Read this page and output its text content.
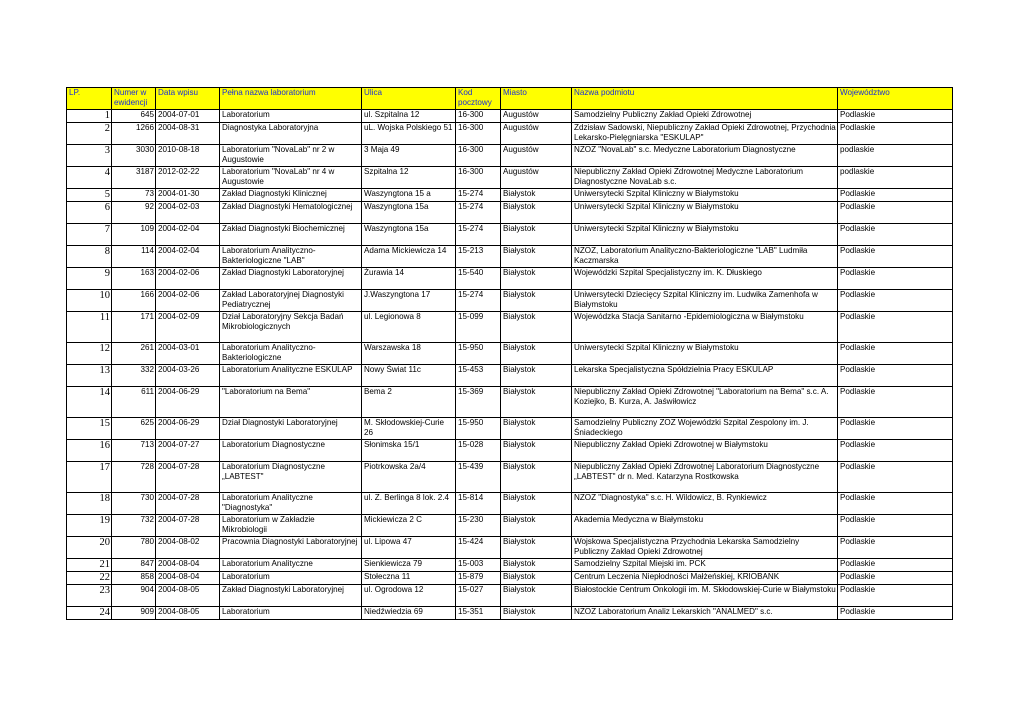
LP.	Numer w ewidencji	Data wpisu	Pełna nazwa laboratorium	Ulica	Kod pocztowy	Miasto	Nazwa podmiotu	Województwo
1	645	2004-07-01	Laboratorium	ul. Szpitalna 12	16-300	Augustów	Samodzielny Publiczny Zakład Opieki Zdrowotnej	Podlaskie
2	1266	2004-08-31	Diagnostyka Laboratoryjna	uL. Wojska Polskiego 51	16-300	Augustów	Zdzisław Sadowski, Niepubliczny Zakład Opieki Zdrowotnej, Przychodnia Lekarsko-Pielęgniarska "ESKULAP"	Podlaskie
3	3030	2010-08-18	Laboratorium "NovaLab" nr 2 w Augustowie	3 Maja 49	16-300	Augustów	NZOZ "NovaLab" s.c. Medyczne Laboratorium Diagnostyczne	podlaskie
4	3187	2012-02-22	Laboratorium "NovaLab" nr 4 w Augustowie	Szpitalna 12	16-300	Augustów	Niepubliczny Zakład Opieki Zdrowotnej Medyczne Laboratorium Diagnostyczne NovaLab s.c.	podlaskie
5	73	2004-01-30	Zakład Diagnostyki Klinicznej	Waszyngtona 15 a	15-274	Białystok	Uniwersytecki Szpital Kliniczny w Białymstoku	Podlaskie
6	92	2004-02-03	Zakład Diagnostyki Hematologicznej	Waszyngtona 15a	15-274	Białystok	Uniwersytecki Szpital Kliniczny w Białymstoku	Podlaskie
7	109	2004-02-04	Zakład Diagnostyki Biochemicznej	Waszyngtona 15a	15-274	Białystok	Uniwersytecki Szpital Kliniczny w Białymstoku	Podlaskie
8	114	2004-02-04	Laboratorium Analityczno-Bakteriologiczne "LAB"	Adama Mickiewicza 14	15-213	Białystok	NZOZ, Laboratorium Analityczno-Bakteriologiczne "LAB" Ludmiła Kaczmarska	Podlaskie
9	163	2004-02-06	Zakład Diagnostyki Laboratoryjnej	Żurawia 14	15-540	Białystok	Wojewódzki Szpital Specjalistyczny im. K. Dłuskiego	Podlaskie
10	166	2004-02-06	Zakład Laboratoryjnej Diagnostyki Pediatrycznej	J.Waszyngtona 17	15-274	Białystok	Uniwersytecki Dziecięcy Szpital Kliniczny im. Ludwika Zamenhofa w Białymstoku	Podlaskie
11	171	2004-02-09	Dział Laboratoryjny Sekcja Badań Mikrobiologicznych	ul. Legionowa 8	15-099	Białystok	Wojewódzka Stacja Sanitarno -Epidemiologiczna w Białymstoku	Podlaskie
12	261	2004-03-01	Laboratorium Analityczno-Bakteriologiczne	Warszawska 18	15-950	Białystok	Uniwersytecki Szpital Kliniczny w Białymstoku	Podlaskie
13	332	2004-03-26	Laboratorium Analityczne ESKULAP	Nowy Świat 11c	15-453	Białystok	Lekarska Specjalistyczna Spółdzielnia Pracy ESKULAP	Podlaskie
14	611	2004-06-29	"Laboratorium na Bema"	Bema 2	15-369	Białystok	Niepubliczny Zakład Opieki Zdrowotnej "Laboratorium na Bema" s.c. A. Koziejko, B. Kurza, A. Jaświłowicz	Podlaskie
15	625	2004-06-29	Dział Diagnostyki Laboratoryjnej	M. Skłodowskiej-Curie 26	15-950	Białystok	Samodzielny Publiczny ZOZ Wojewódzki Szpital Zespolony im. J. Śniadeckiego	Podlaskie
16	713	2004-07-27	Laboratorium Diagnostyczne	Słonimska 15/1	15-028	Białystok	Niepubliczny Zakład Opieki Zdrowotnej w Białymstoku	Podlaskie
17	728	2004-07-28	Laboratorium Diagnostyczne „LABTEST"	Piotrkowska 2a/4	15-439	Białystok	Niepubliczny Zakład Opieki Zdrowotnej Laboratorium Diagnostyczne „LABTEST" dr n. Med. Katarzyna Rostkowska	Podlaskie
18	730	2004-07-28	Laboratorium Analityczne "Diagnostyka"	ul. Z. Berlinga 8 lok. 2.4	15-814	Białystok	NZOZ "Diagnostyka" s.c. H. Wildowicz, B. Rynkiewicz	Podlaskie
19	732	2004-07-28	Laboratorium w Zakładzie Mikrobiologii	Mickiewicza 2 C	15-230	Białystok	Akademia Medyczna w Białymstoku	Podlaskie
20	780	2004-08-02	Pracownia Diagnostyki Laboratoryjnej	ul. Lipowa 47	15-424	Białystok	Wojskowa Specjalistyczna Przychodnia Lekarska Samodzielny Publiczny Zakład Opieki Zdrowotnej	Podlaskie
21	847	2004-08-04	Laboratorium Analityczne	Sienkiewicza 79	15-003	Białystok	Samodzielny Szpital Miejski im. PCK	Podlaskie
22	858	2004-08-04	Laboratorium	Stołeczna 11	15-879	Białystok	Centrum Leczenia Niepłodności Małżeńskiej, KRIOBANK	Podlaskie
23	904	2004-08-05	Zakład Diagnostyki Laboratoryjnej	ul. Ogrodowa 12	15-027	Białystok	Białostockie Centrum Onkologii im. M. Skłodowskiej-Curie w Białymstoku	Podlaskie
24	909	2004-08-05	Laboratorium	Niedźwiedzia 69	15-351	Białystok	NZOZ Laboratorium Analiz Lekarskich "ANALMED" s.c.	Podlaskie
